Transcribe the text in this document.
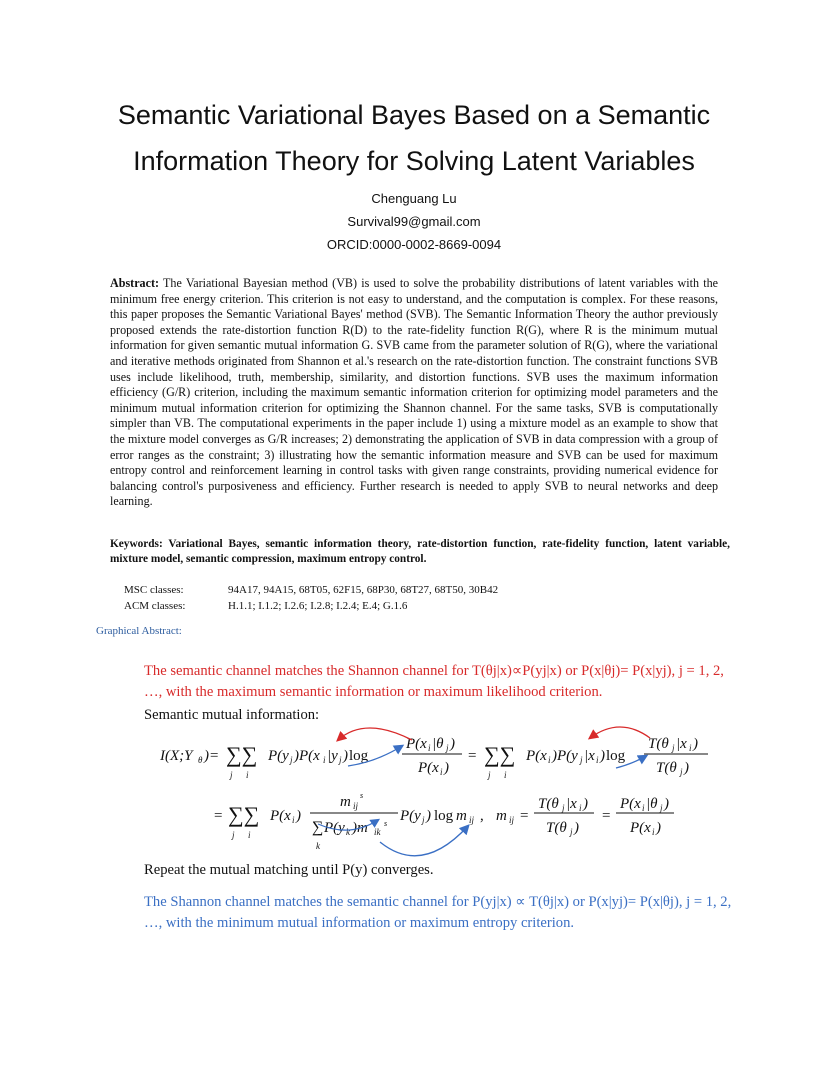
Semantic Variational Bayes Based on a Semantic
Information Theory for Solving Latent Variables
Chenguang Lu
Survival99@gmail.com
ORCID:0000-0002-8669-0094
Abstract: The Variational Bayesian method (VB) is used to solve the probability distributions of latent variables with the minimum free energy criterion. This criterion is not easy to understand, and the computation is complex. For these reasons, this paper proposes the Semantic Variational Bayes' method (SVB). The Semantic Information Theory the author previously proposed extends the rate-distortion function R(D) to the rate-fidelity function R(G), where R is the minimum mutual information for given semantic mutual information G. SVB came from the parameter solution of R(G), where the variational and iterative methods originated from Shannon et al.'s research on the rate-distortion function. The constraint functions SVB uses include likelihood, truth, membership, similarity, and distortion functions. SVB uses the maximum information efficiency (G/R) criterion, including the maximum semantic information criterion for optimizing model parameters and the minimum mutual information criterion for optimizing the Shannon channel. For the same tasks, SVB is computationally simpler than VB. The computational experiments in the paper include 1) using a mixture model as an example to show that the mixture model converges as G/R increases; 2) demonstrating the application of SVB in data compression with a group of error ranges as the constraint; 3) illustrating how the semantic information measure and SVB can be used for maximum entropy control and reinforcement learning in control tasks with given range constraints, providing numerical evidence for balancing control's purposiveness and efficiency. Further research is needed to apply SVB to neural networks and deep learning.
Keywords: Variational Bayes, semantic information theory, rate-distortion function, rate-fidelity function, latent variable, mixture model, semantic compression, maximum entropy control.
MSC classes:	94A17, 94A15, 68T05, 62F15, 68P30, 68T27, 68T50, 30B42
ACM classes:	H.1.1; I.1.2; I.2.6; I.2.8; I.2.4; E.4; G.1.6
Graphical Abstract:
The semantic channel matches the Shannon channel for T(θj|x)∝P(yj|x) or P(x|θj)= P(x|yj), j = 1, 2, …, with the maximum semantic information or maximum likelihood criterion.
Semantic mutual information:
I(X;Y θ )= ∑∑
j i
P(y j )P(x i |y j ) log
P(x i |θ j )
P(x i )
= ∑∑
j i
P(x i )P(y j |x i ) log
T(θ j |x i )
T(θ j )
= ∑∑
j i
P(x i )
m ij
s
∑ P(y k )m ik
s
k
P(y j ) log m ij , m ij =
T(θ j |x i )
T(θ j )
=
P(x i |θ j )
P(x i )
Repeat the mutual matching until P(y) converges.
The Shannon channel matches the semantic channel for P(yj|x) ∝ T(θj|x) or P(x|yj)= P(x|θj), j = 1, 2, …, with the minimum mutual information or maximum entropy criterion.
